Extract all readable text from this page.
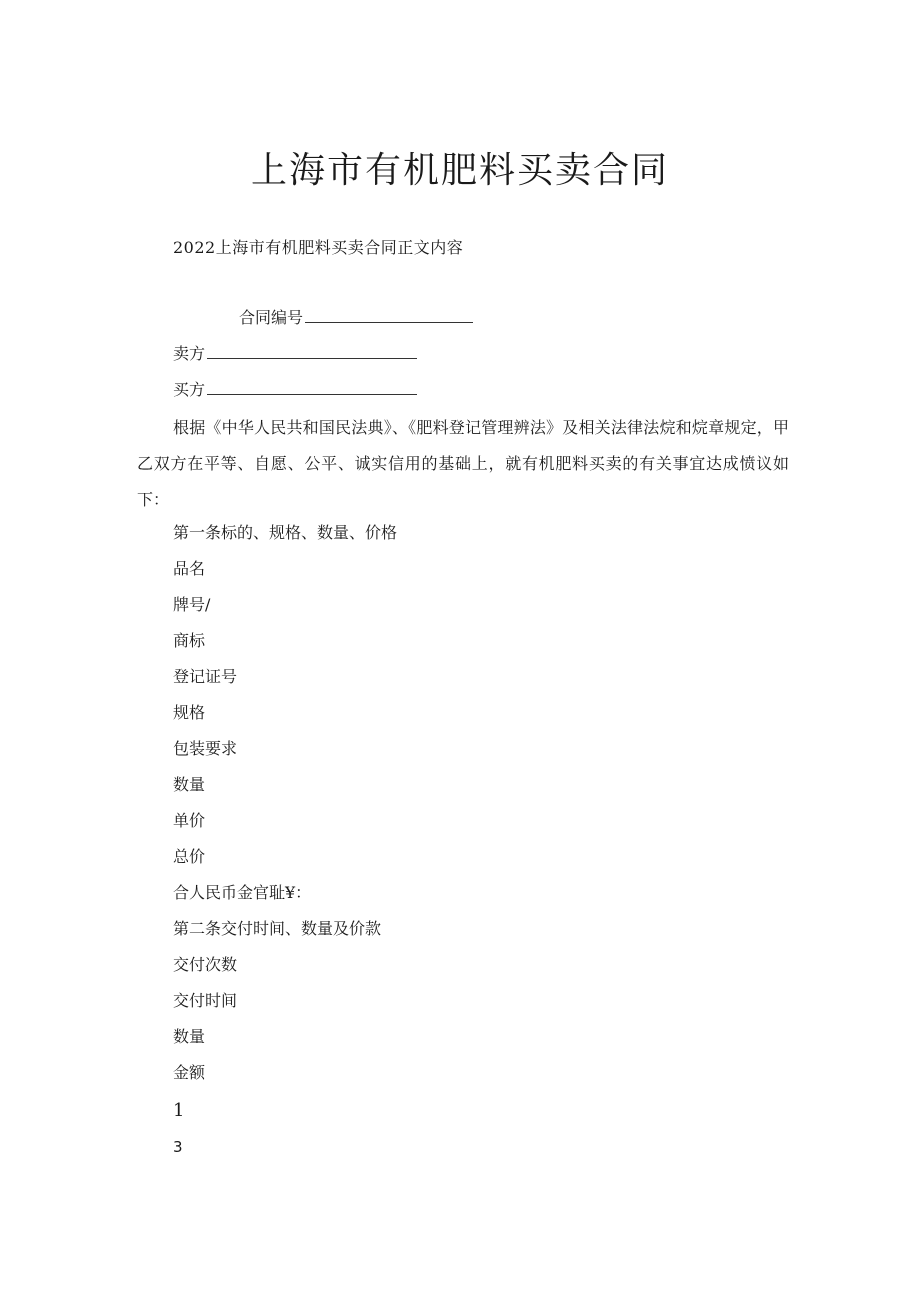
上海市有机肥料买卖合同
2022上海市有机肥料买卖合同正文内容
合同编号
卖方
买方
根据《中华人民共和国民法典》、《肥料登记管理辨法》及相关法律法烷和烷章规定，甲乙双方在平等、自愿、公平、诚实信用的基础上，就有机肥料买卖的有关事宜达成愤议如下：
第一条标的、规格、数量、价格
品名
牌号/
商标
登记证号
规格
包装要求
数量
单价
总价
合人民币金官耻¥：
第二条交付时间、数量及价款
交付次数
交付时间
数量
金额
1
3
